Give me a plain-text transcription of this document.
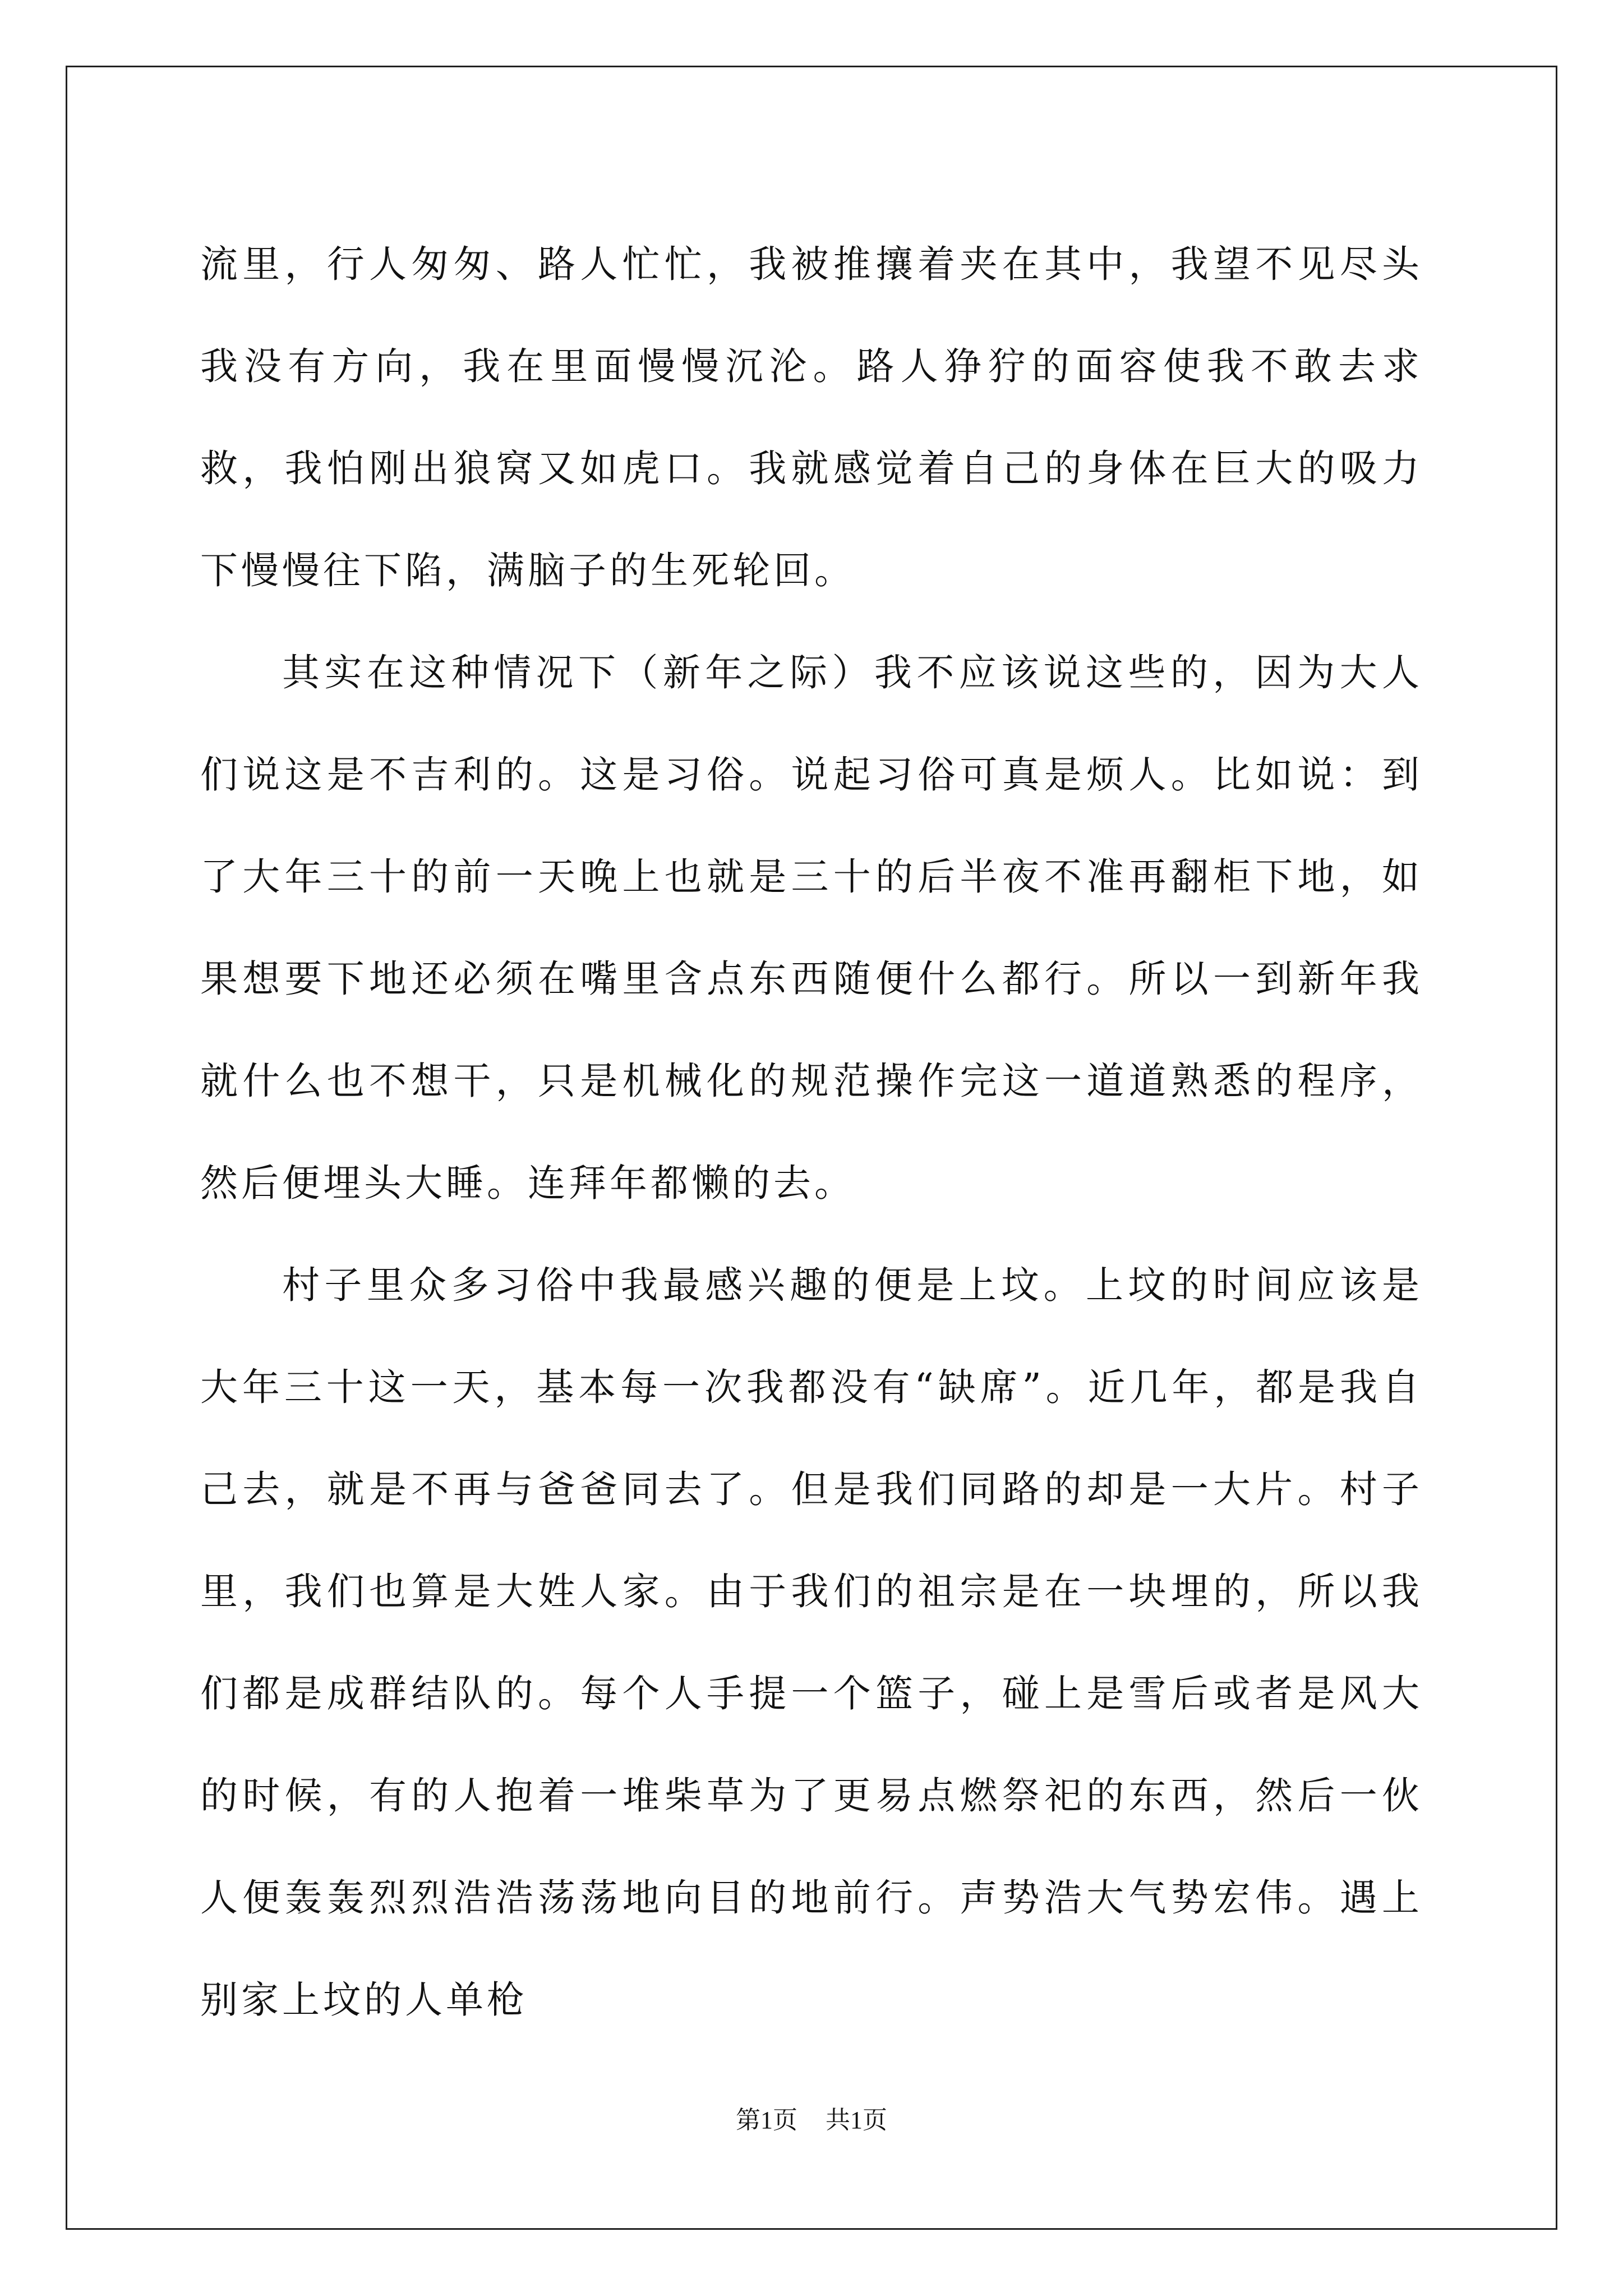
流里，行人匆匆、路人忙忙，我被推攘着夹在其中，我望不见尽头我没有方向，我在里面慢慢沉沦。路人狰狞的面容使我不敢去求救，我怕刚出狼窝又如虎口。我就感觉着自己的身体在巨大的吸力下慢慢往下陷，满脑子的生死轮回。

其实在这种情况下（新年之际）我不应该说这些的，因为大人们说这是不吉利的。这是习俗。说起习俗可真是烦人。比如说：到了大年三十的前一天晚上也就是三十的后半夜不准再翻柜下地，如果想要下地还必须在嘴里含点东西随便什么都行。所以一到新年我就什么也不想干，只是机械化的规范操作完这一道道熟悉的程序，然后便埋头大睡。连拜年都懒的去。

村子里众多习俗中我最感兴趣的便是上坟。上坟的时间应该是大年三十这一天，基本每一次我都没有“缺席”。近几年，都是我自己去，就是不再与爸爸同去了。但是我们同路的却是一大片。村子里，我们也算是大姓人家。由于我们的祖宗是在一块埋的，所以我们都是成群结队的。每个人手提一个篮子，碰上是雪后或者是风大的时候，有的人抱着一堆柴草为了更易点燃祭祀的东西，然后一伙人便轰轰烈烈浩浩荡荡地向目的地前行。声势浩大气势宏伟。遇上别家上坟的人单枪

第1页 共1页
